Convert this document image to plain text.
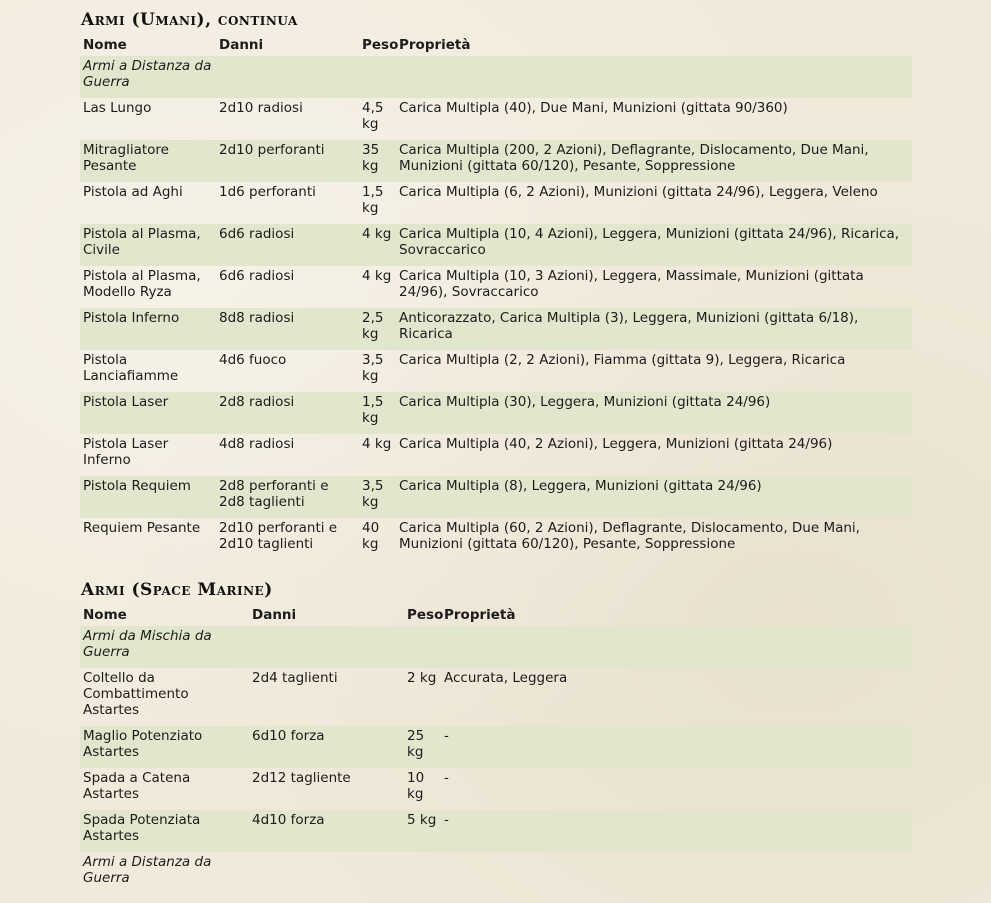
Armi (Umani), continua
Nome	Danni	Peso	Proprietà
Armi a Distanza da Guerra			
Las Lungo	2d10 radiosi	4,5 kg	Carica Multipla (40), Due Mani, Munizioni (gittata 90/360)
Mitragliatore Pesante	2d10 perforanti	35 kg	Carica Multipla (200, 2 Azioni), Deflagrante, Dislocamento, Due Mani, Munizioni (gittata 60/120), Pesante, Soppressione
Pistola ad Aghi	1d6 perforanti	1,5 kg	Carica Multipla (6, 2 Azioni), Munizioni (gittata 24/96), Leggera, Veleno
Pistola al Plasma, Civile	6d6 radiosi	4 kg	Carica Multipla (10, 4 Azioni), Leggera, Munizioni (gittata 24/96), Ricarica, Sovraccarico
Pistola al Plasma, Modello Ryza	6d6 radiosi	4 kg	Carica Multipla (10, 3 Azioni), Leggera, Massimale, Munizioni (gittata 24/96), Sovraccarico
Pistola Inferno	8d8 radiosi	2,5 kg	Anticorazzato, Carica Multipla (3), Leggera, Munizioni (gittata 6/18), Ricarica
Pistola Lanciafiamme	4d6 fuoco	3,5 kg	Carica Multipla (2, 2 Azioni), Fiamma (gittata 9), Leggera, Ricarica
Pistola Laser	2d8 radiosi	1,5 kg	Carica Multipla (30), Leggera, Munizioni (gittata 24/96)
Pistola Laser Inferno	4d8 radiosi	4 kg	Carica Multipla (40, 2 Azioni), Leggera, Munizioni (gittata 24/96)
Pistola Requiem	2d8 perforanti e 2d8 taglienti	3,5 kg	Carica Multipla (8), Leggera, Munizioni (gittata 24/96)
Requiem Pesante	2d10 perforanti e 2d10 taglienti	40 kg	Carica Multipla (60, 2 Azioni), Deflagrante, Dislocamento, Due Mani, Munizioni (gittata 60/120), Pesante, Soppressione
Armi (Space Marine)
Nome	Danni	Peso	Proprietà
Armi da Mischia da Guerra			
Coltello da Combattimento Astartes	2d4 taglienti	2 kg	Accurata, Leggera
Maglio Potenziato Astartes	6d10 forza	25 kg	-
Spada a Catena Astartes	2d12 tagliente	10 kg	-
Spada Potenziata Astartes	4d10 forza	5 kg	-
Armi a Distanza da Guerra			
